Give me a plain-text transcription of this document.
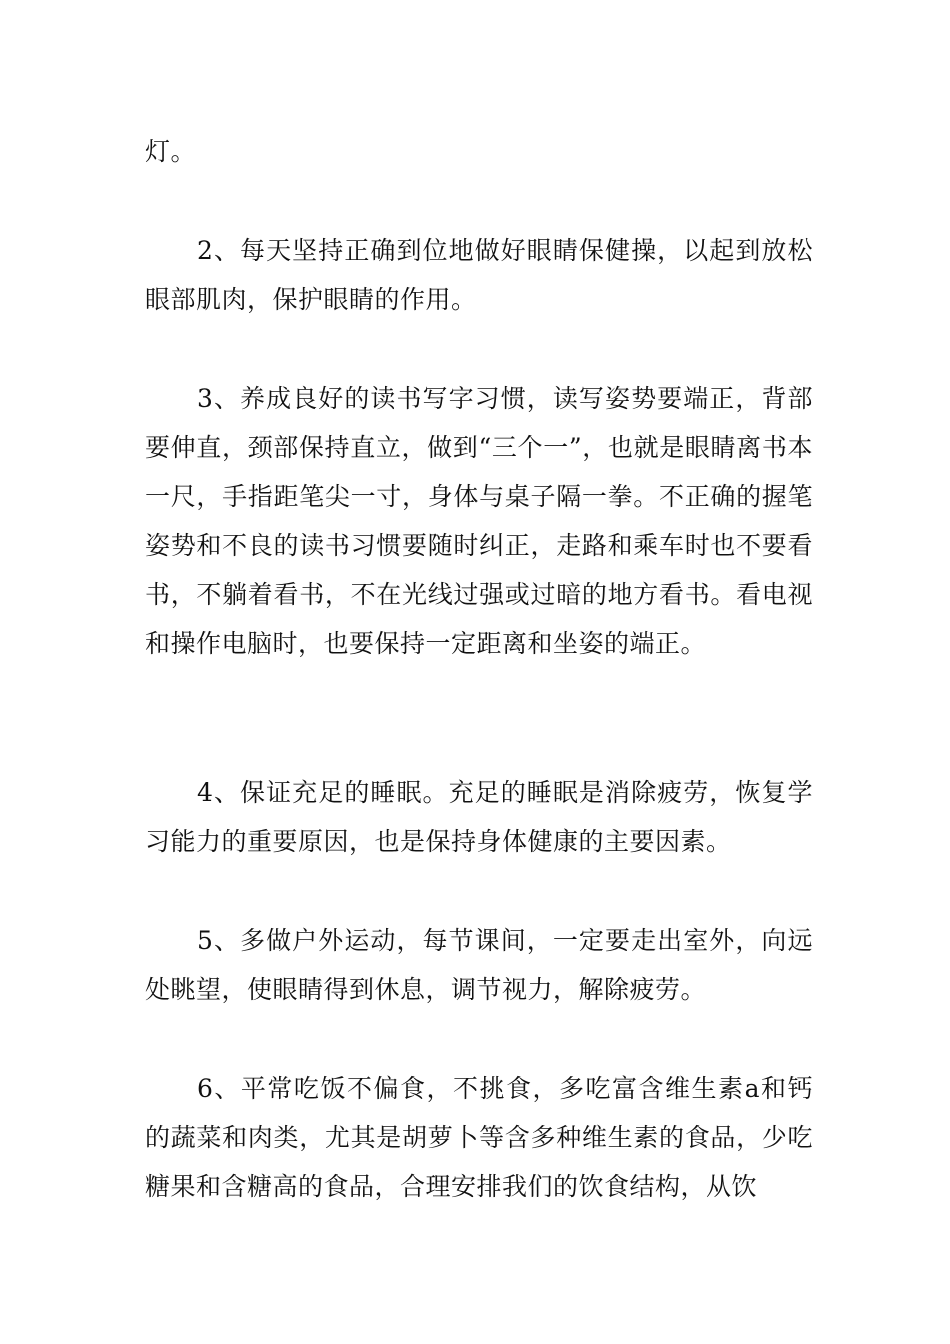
灯。

2、每天坚持正确到位地做好眼睛保健操，以起到放松眼部肌肉，保护眼睛的作用。

3、养成良好的读书写字习惯，读写姿势要端正，背部要伸直，颈部保持直立，做到“三个一”，也就是眼睛离书本一尺，手指距笔尖一寸，身体与桌子隔一拳。不正确的握笔姿势和不良的读书习惯要随时纠正，走路和乘车时也不要看书，不躺着看书，不在光线过强或过暗的地方看书。看电视和操作电脑时，也要保持一定距离和坐姿的端正。

4、保证充足的睡眠。充足的睡眠是消除疲劳，恢复学习能力的重要原因，也是保持身体健康的主要因素。

5、多做户外运动，每节课间，一定要走出室外，向远处眺望，使眼睛得到休息，调节视力，解除疲劳。

6、平常吃饭不偏食，不挑食，多吃富含维生素a和钙的蔬菜和肉类，尤其是胡萝卜等含多种维生素的食品，少吃糖果和含糖高的食品，合理安排我们的饮食结构，从饮
